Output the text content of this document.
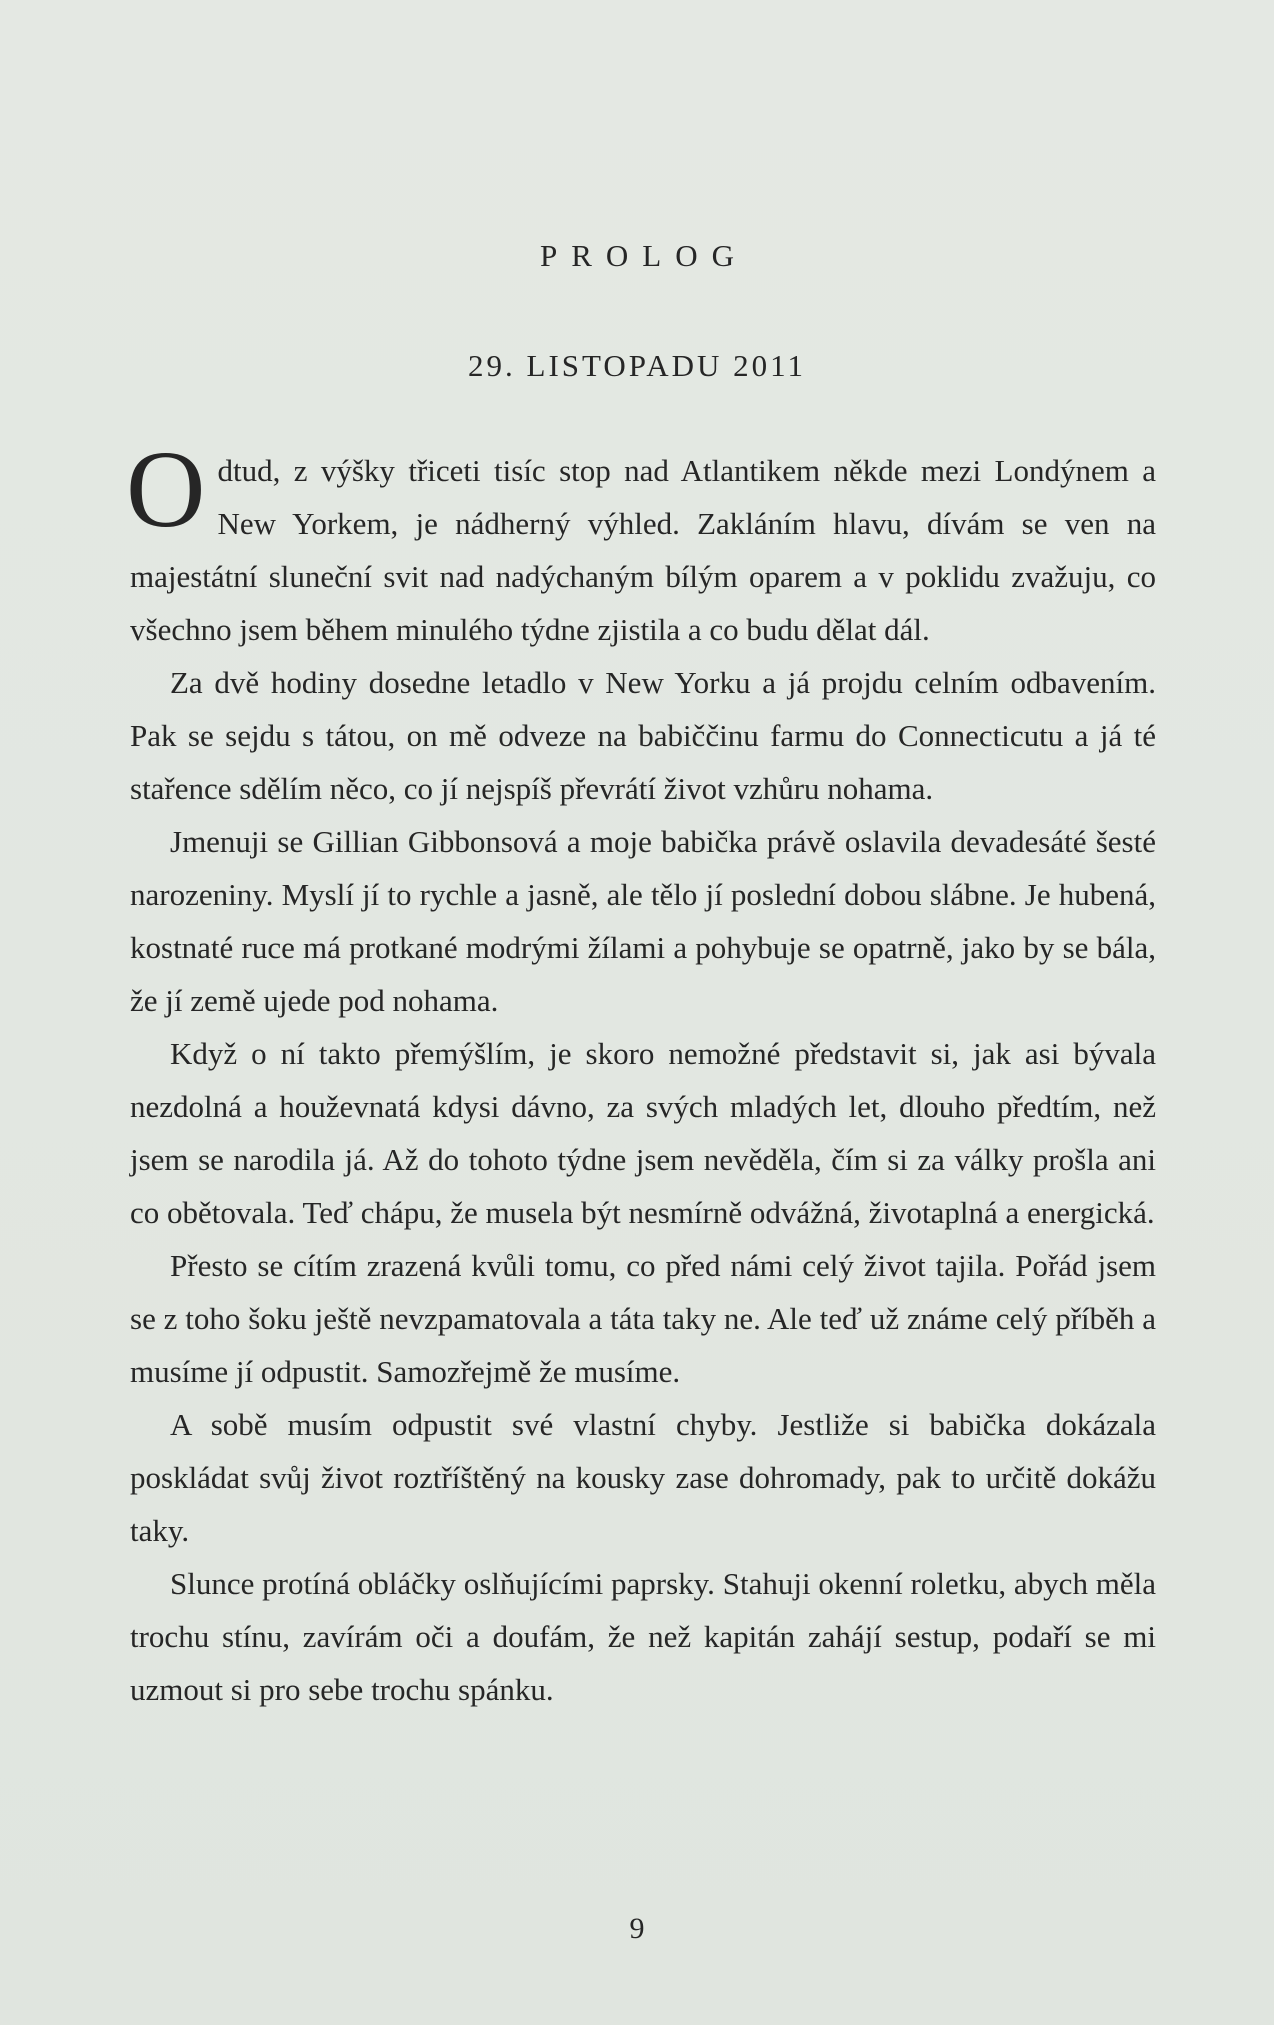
PROLOG
29. LISTOPADU 2011

Odtud, z výšky třiceti tisíc stop nad Atlantikem někde mezi Londýnem a New Yorkem, je nádherný výhled. Zakláním hlavu, dívám se ven na majestátní sluneční svit nad nadýchaným bílým oparem a v poklidu zvažuju, co všechno jsem během minulého týdne zjistila a co budu dělat dál.

Za dvě hodiny dosedne letadlo v New Yorku a já projdu celním odbavením. Pak se sejdu s tátou, on mě odveze na babiččinu farmu do Connecticutu a já té stařence sdělím něco, co jí nejspíš převrátí život vzhůru nohama.

Jmenuji se Gillian Gibbonsová a moje babička právě oslavila devadesáté šesté narozeniny. Myslí jí to rychle a jasně, ale tělo jí poslední dobou slábne. Je hubená, kostnaté ruce má protkané modrými žílami a pohybuje se opatrně, jako by se bála, že jí země ujede pod nohama.

Když o ní takto přemýšlím, je skoro nemožné představit si, jak asi bývala nezdolná a houževnatá kdysi dávno, za svých mladých let, dlouho předtím, než jsem se narodila já. Až do tohoto týdne jsem nevěděla, čím si za války prošla ani co obětovala. Teď chápu, že musela být nesmírně odvážná, životaplná a energická.

Přesto se cítím zrazená kvůli tomu, co před námi celý život tajila. Pořád jsem se z toho šoku ještě nevzpamatovala a táta taky ne. Ale teď už známe celý příběh a musíme jí odpustit. Samozřejmě že musíme.

A sobě musím odpustit své vlastní chyby. Jestliže si babička dokázala poskládat svůj život roztříštěný na kousky zase dohromady, pak to určitě dokážu taky.

Slunce protíná obláčky oslňujícími paprsky. Stahuji okenní roletku, abych měla trochu stínu, zavírám oči a doufám, že než kapitán zahájí sestup, podaří se mi uzmout si pro sebe trochu spánku.

9
